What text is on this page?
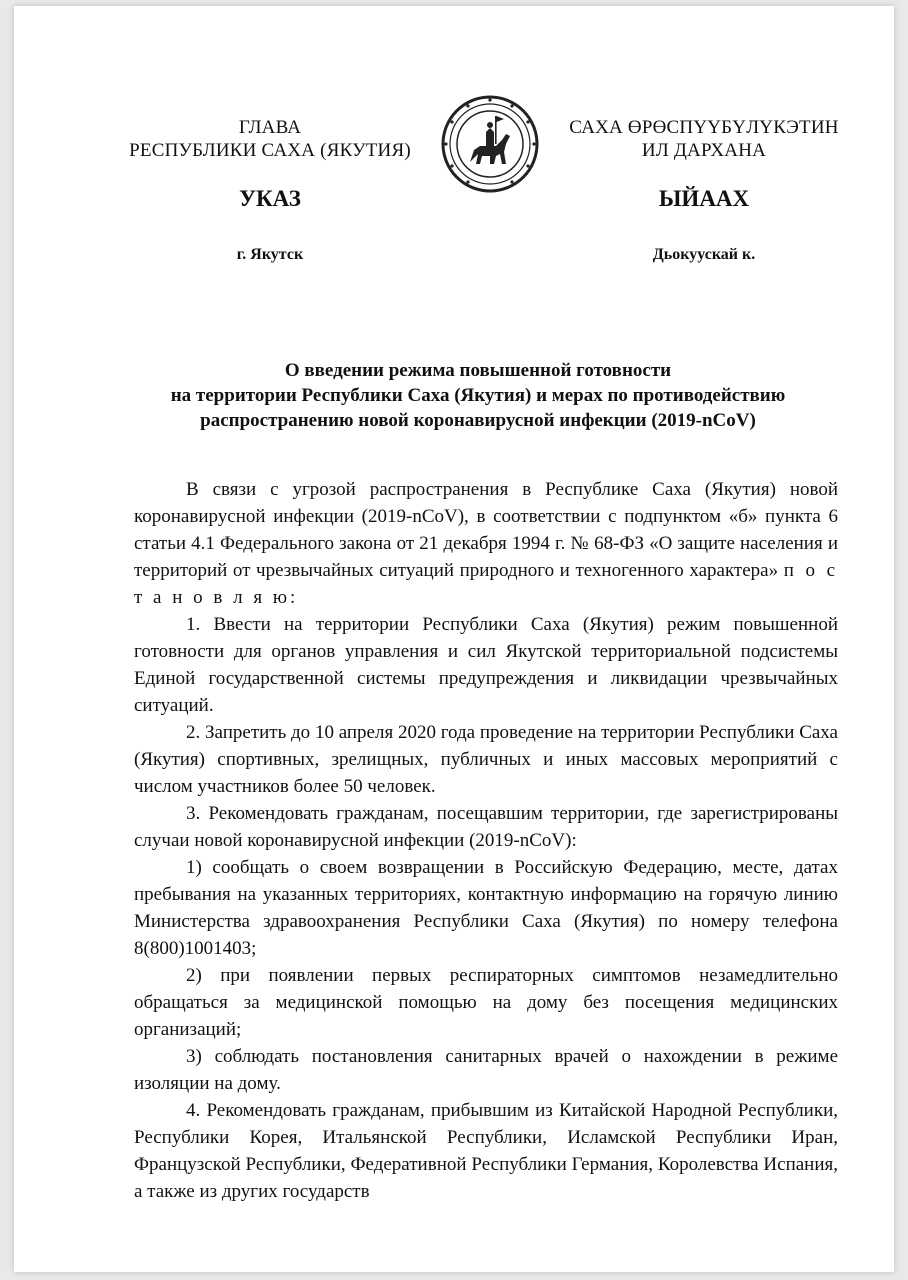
ГЛАВА
РЕСПУБЛИКИ САХА (ЯКУТИЯ)
САХА ӨРӨСПҮҮБҮЛҮКЭТИН
ИЛ ДАРХАНА
УКАЗ	ЫЙААХ
г. Якутск	Дьокуускай к.
О введении режима повышенной готовности
на территории Республики Саха (Якутия) и мерах по противодействию
распространению новой коронавирусной инфекции (2019-nCoV)

В связи с угрозой распространения в Республике Саха (Якутия) новой коронавирусной инфекции (2019-nCoV), в соответствии с подпунктом «б» пункта 6 статьи 4.1 Федерального закона от 21 декабря 1994 г. № 68-ФЗ «О защите населения и территорий от чрезвычайных ситуаций природного и техногенного характера» п о с т а н о в л я ю:

1. Ввести на территории Республики Саха (Якутия) режим повышенной готовности для органов управления и сил Якутской территориальной подсистемы Единой государственной системы предупреждения и ликвидации чрезвычайных ситуаций.

2. Запретить до 10 апреля 2020 года проведение на территории Республики Саха (Якутия) спортивных, зрелищных, публичных и иных массовых мероприятий с числом участников более 50 человек.

3. Рекомендовать гражданам, посещавшим территории, где зарегистрированы случаи новой коронавирусной инфекции (2019-nCoV):

1) сообщать о своем возвращении в Российскую Федерацию, месте, датах пребывания на указанных территориях, контактную информацию на горячую линию Министерства здравоохранения Республики Саха (Якутия) по номеру телефона 8(800)1001403;

2) при появлении первых респираторных симптомов незамедлительно обращаться за медицинской помощью на дому без посещения медицинских организаций;

3) соблюдать постановления санитарных врачей о нахождении в режиме изоляции на дому.

4. Рекомендовать гражданам, прибывшим из Китайской Народной Республики, Республики Корея, Итальянской Республики, Исламской Республики Иран, Французской Республики, Федеративной Республики Германия, Королевства Испания, а также из других государств
